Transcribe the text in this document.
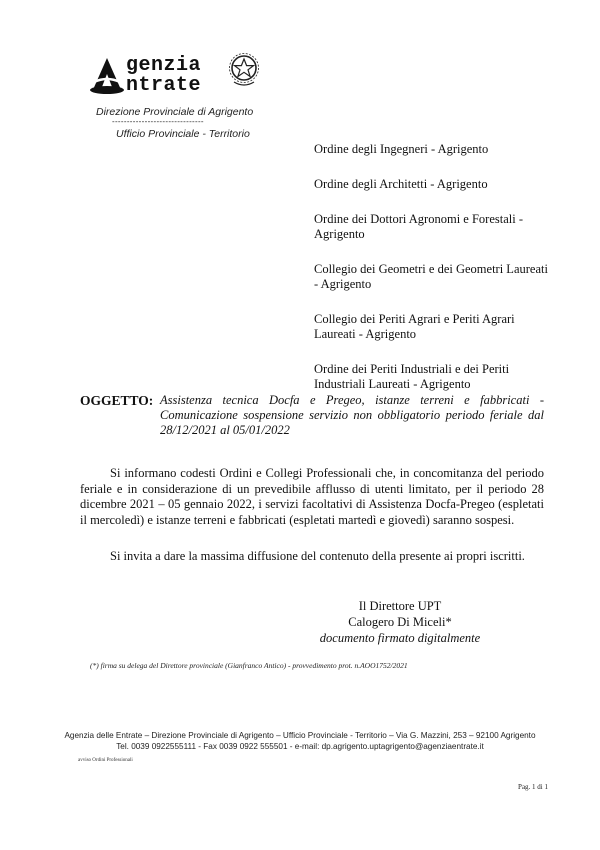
genzia
ntrate
Direzione Provinciale di Agrigento
-------------------------------
Ufficio Provinciale - Territorio
Ordine degli Ingegneri - Agrigento
Ordine degli Architetti - Agrigento
Ordine dei Dottori Agronomi e Forestali - Agrigento
Collegio dei Geometri e dei Geometri Laureati - Agrigento
Collegio dei Periti Agrari e Periti Agrari Laureati - Agrigento
Ordine dei Periti Industriali e dei Periti Industriali Laureati - Agrigento
OGGETTO: Assistenza tecnica Docfa e Pregeo, istanze terreni e fabbricati - Comunicazione sospensione servizio non obbligatorio periodo feriale dal 28/12/2021 al 05/01/2022

Si informano codesti Ordini e Collegi Professionali che, in concomitanza del periodo feriale e in considerazione di un prevedibile afflusso di utenti limitato, per il periodo 28 dicembre 2021 – 05 gennaio 2022, i servizi facoltativi di Assistenza Docfa-Pregeo (espletati il mercoledì) e istanze terreni e fabbricati (espletati martedì e giovedì) saranno sospesi.

Si invita a dare la massima diffusione del contenuto della presente ai propri iscritti.

Il Direttore UPT
Calogero Di Miceli*
documento firmato digitalmente
(*) firma su delega del Direttore provinciale (Gianfranco Antico) - provvedimento prot. n.AOO1752/2021
Agenzia delle Entrate – Direzione Provinciale di Agrigento – Ufficio Provinciale - Territorio – Via G. Mazzini, 253 – 92100 Agrigento
Tel. 0039 0922555111 - Fax 0039 0922 555501 - e-mail: dp.agrigento.uptagrigento@agenziaentrate.it
avviso Ordini Professionali
Pag. 1 di 1
